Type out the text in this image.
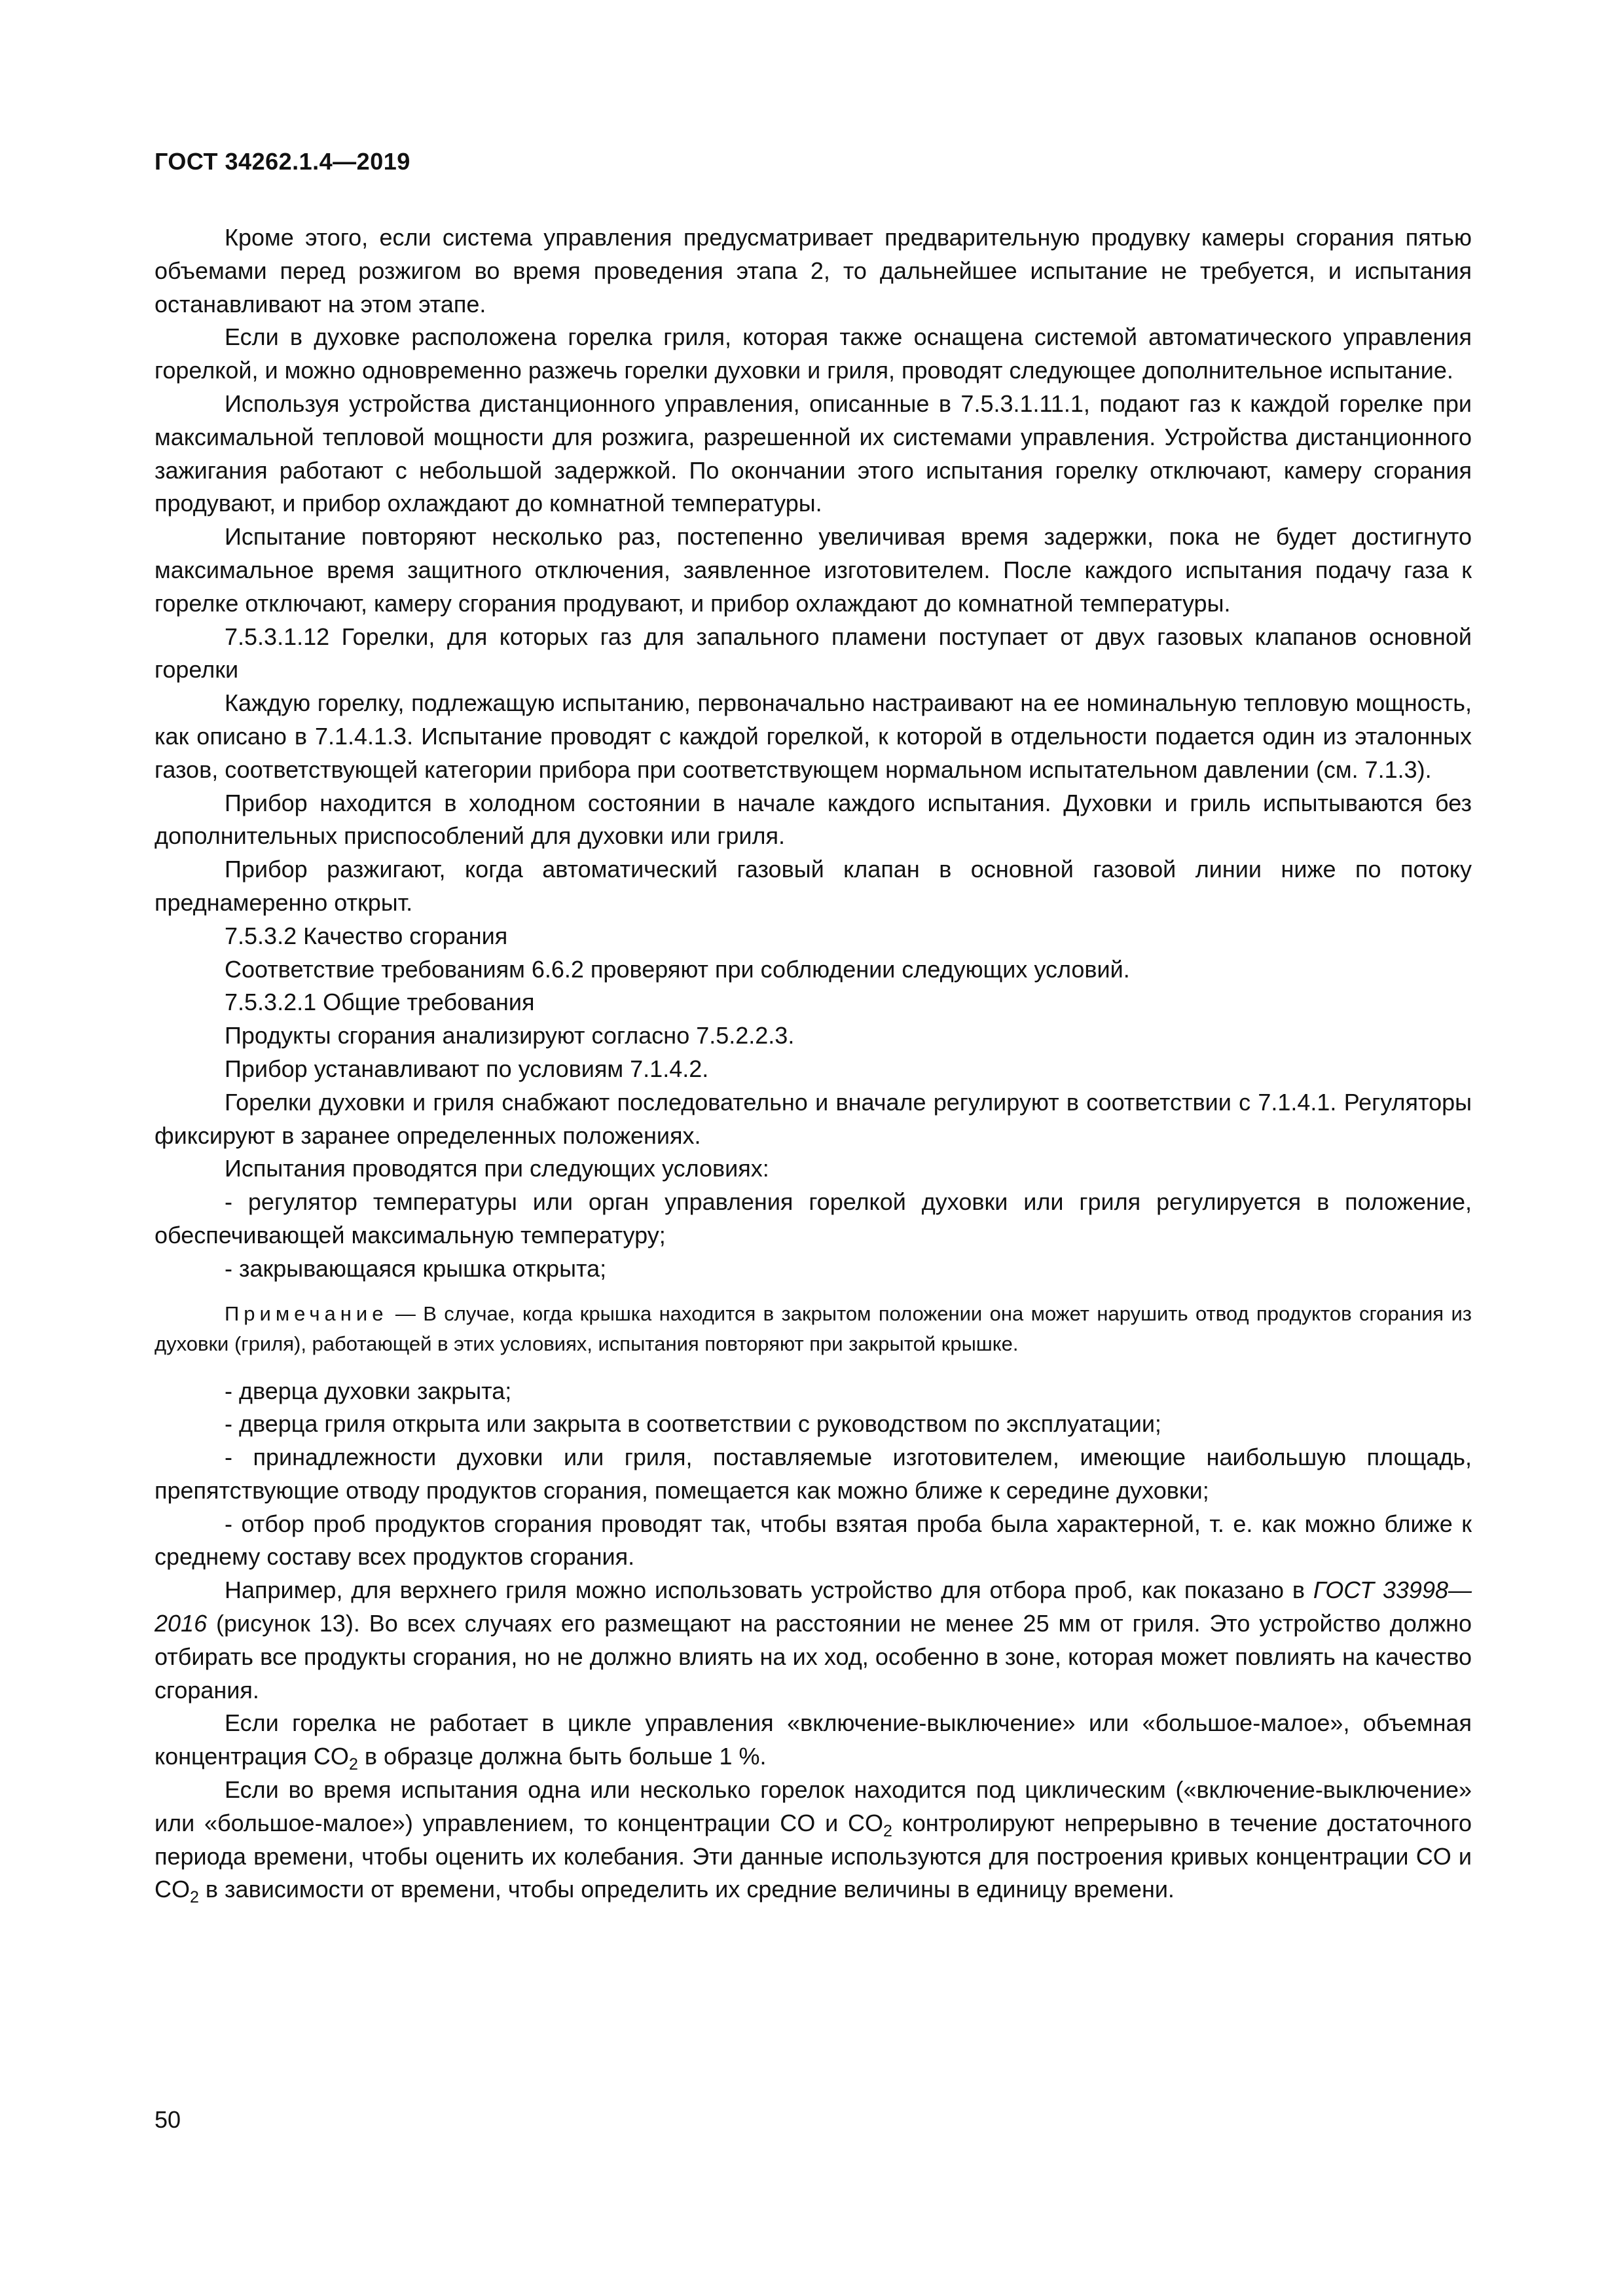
ГОСТ 34262.1.4—2019

Кроме этого, если система управления предусматривает предварительную продувку камеры сгорания пятью объемами перед розжигом во время проведения этапа 2, то дальнейшее испытание не требуется, и испытания останавливают на этом этапе.

Если в духовке расположена горелка гриля, которая также оснащена системой автоматического управления горелкой, и можно одновременно разжечь горелки духовки и гриля, проводят следующее дополнительное испытание.

Используя устройства дистанционного управления, описанные в 7.5.3.1.11.1, подают газ к каждой горелке при максимальной тепловой мощности для розжига, разрешенной их системами управления. Устройства дистанционного зажигания работают с небольшой задержкой. По окончании этого испытания горелку отключают, камеру сгорания продувают, и прибор охлаждают до комнатной температуры.

Испытание повторяют несколько раз, постепенно увеличивая время задержки, пока не будет достигнуто максимальное время защитного отключения, заявленное изготовителем. После каждого испытания подачу газа к горелке отключают, камеру сгорания продувают, и прибор охлаждают до комнатной температуры.

7.5.3.1.12 Горелки, для которых газ для запального пламени поступает от двух газовых клапанов основной горелки

Каждую горелку, подлежащую испытанию, первоначально настраивают на ее номинальную тепловую мощность, как описано в 7.1.4.1.3. Испытание проводят с каждой горелкой, к которой в отдельности подается один из эталонных газов, соответствующей категории прибора при соответствующем нормальном испытательном давлении (см. 7.1.3).

Прибор находится в холодном состоянии в начале каждого испытания. Духовки и гриль испытываются без дополнительных приспособлений для духовки или гриля.

Прибор разжигают, когда автоматический газовый клапан в основной газовой линии ниже по потоку преднамеренно открыт.

7.5.3.2 Качество сгорания

Соответствие требованиям 6.6.2 проверяют при соблюдении следующих условий.

7.5.3.2.1 Общие требования

Продукты сгорания анализируют согласно 7.5.2.2.3.

Прибор устанавливают по условиям 7.1.4.2.

Горелки духовки и гриля снабжают последовательно и вначале регулируют в соответствии с 7.1.4.1. Регуляторы фиксируют в заранее определенных положениях.

Испытания проводятся при следующих условиях:

- регулятор температуры или орган управления горелкой духовки или гриля регулируется в положение, обеспечивающей максимальную температуру;

- закрывающаяся крышка открыта;

Примечание — В случае, когда крышка находится в закрытом положении она может нарушить отвод продуктов сгорания из духовки (гриля), работающей в этих условиях, испытания повторяют при закрытой крышке.

- дверца духовки закрыта;

- дверца гриля открыта или закрыта в соответствии с руководством по эксплуатации;

- принадлежности духовки или гриля, поставляемые изготовителем, имеющие наибольшую площадь, препятствующие отводу продуктов сгорания, помещается как можно ближе к середине духовки;

- отбор проб продуктов сгорания проводят так, чтобы взятая проба была характерной, т. е. как можно ближе к среднему составу всех продуктов сгорания.

Например, для верхнего гриля можно использовать устройство для отбора проб, как показано в ГОСТ 33998—2016 (рисунок 13). Во всех случаях его размещают на расстоянии не менее 25 мм от гриля. Это устройство должно отбирать все продукты сгорания, но не должно влиять на их ход, особенно в зоне, которая может повлиять на качество сгорания.

Если горелка не работает в цикле управления «включение-выключение» или «большое-малое», объемная концентрация $CO_2$ в образце должна быть больше 1 %.

Если во время испытания одна или несколько горелок находится под циклическим («включение-выключение» или «большое-малое») управлением, то концентрации CO и $CO_2$ контролируют непрерывно в течение достаточного периода времени, чтобы оценить их колебания. Эти данные используются для построения кривых концентрации CO и $CO_2$ в зависимости от времени, чтобы определить их средние величины в единицу времени.

50
